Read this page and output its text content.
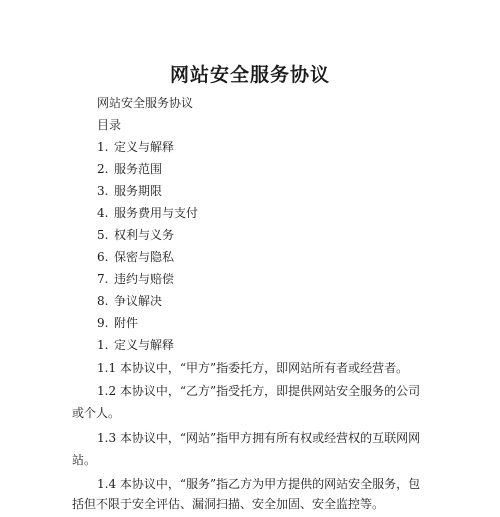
网站安全服务协议
网站安全服务协议
目录
1. 定义与解释
2. 服务范围
3. 服务期限
4. 服务费用与支付
5. 权利与义务
6. 保密与隐私
7. 违约与赔偿
8. 争议解决
9. 附件
1. 定义与解释
1.1 本协议中，“甲方”指委托方，即网站所有者或经营者。
1.2 本协议中，“乙方”指受托方，即提供网站安全服务的公司
或个人。
1.3 本协议中，“网站”指甲方拥有所有权或经营权的互联网网
站。
1.4 本协议中，“服务”指乙方为甲方提供的网站安全服务，包
括但不限于安全评估、漏洞扫描、安全加固、安全监控等。
